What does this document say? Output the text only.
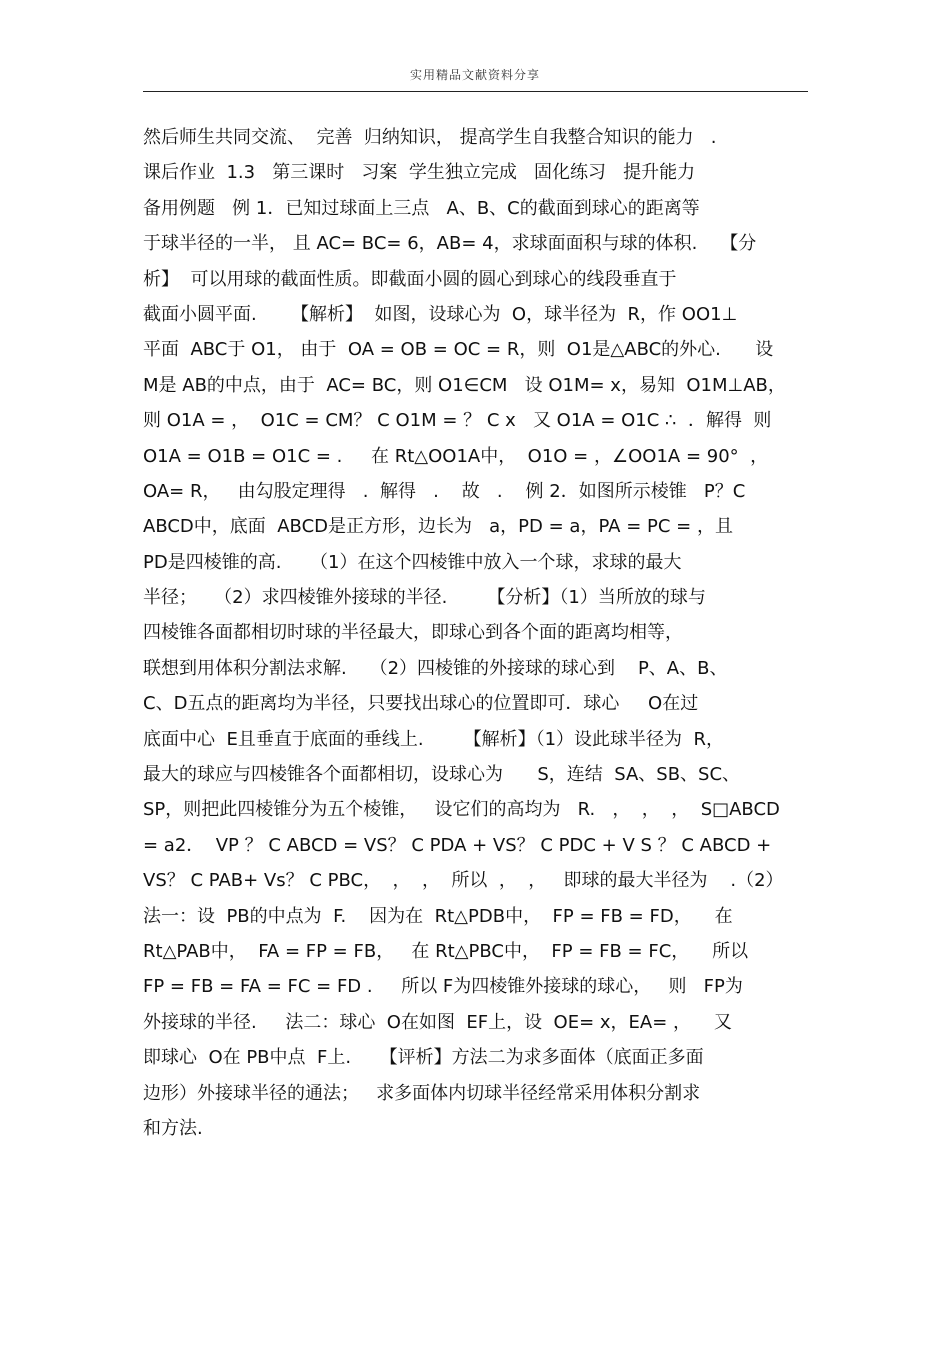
实用精品文献资料分享
然后师生共同交流、  完善  归纳知识， 提高学生自我整合知识的能力   .
课后作业  1.3   第三课时   习案  学生独立完成   固化练习   提升能力
备用例题   例 1．已知过球面上三点   A、B、C的截面到球心的距离等
于球半径的一半， 且 AC= BC= 6，AB= 4，求球面面积与球的体积.    【分
析】  可以用球的截面性质。即截面小圆的圆心到球心的线段垂直于
截面小圆平面.      【解析】  如图，设球心为  O，球半径为  R，作 OO1⊥
平面  ABC于 O1， 由于  OA = OB = OC = R，则  O1是△ABC的外心.      设
M是 AB的中点，由于  AC= BC，则 O1∈CM   设 O1M= x，易知  O1M⊥AB，
则 O1A = ，  O1C = CM？ C O1M = ？ C x   又 O1A = O1C ∴  ．解得  则
O1A = O1B = O1C = .     在 Rt△OO1A中，  O1O = ，∠OO1A = 90°  ，
OA= R，   由勾股定理得   .  解得   .    故   .    例 2．如图所示棱锥   P？C
ABCD中，底面  ABCD是正方形，边长为   a，PD = a，PA = PC = ，且
PD是四棱锥的高.     （1）在这个四棱锥中放入一个球，求球的最大
半径；   （2）求四棱锥外接球的半径.       【分析】（1）当所放的球与
四棱锥各面都相切时球的半径最大，即球心到各个面的距离均相等，
联想到用体积分割法求解.    （2）四棱锥的外接球的球心到    P、A、B、
C、D五点的距离均为半径，只要找出球心的位置即可．球心     O在过
底面中心  E且垂直于底面的垂线上.       【解析】（1）设此球半径为  R，
最大的球应与四棱锥各个面都相切，设球心为      S，连结  SA、SB、SC、
SP，则把此四棱锥分为五个棱锥，   设它们的高均为   R.   ，  ，  ，  S□ABCD
= a2．  VP ？ C ABCD = VS？ C PDA + VS？ C PDC + V S ？ C ABCD +
VS？ C PAB+ Vs？ C PBC，  ，  ，  所以  ，  ，   即球的最大半径为    .（2）
法一：设  PB的中点为  F.    因为在  Rt△PDB中，  FP = FB = FD，    在
Rt△PAB中，  FA = FP = FB，   在 Rt△PBC中，  FP = FB = FC，    所以
FP = FB = FA = FC = FD .     所以 F为四棱锥外接球的球心，   则   FP为
外接球的半径.     法二：球心  O在如图  EF上，设  OE= x，EA= ，    又
即球心  O在 PB中点  F上.     【评析】方法二为求多面体（底面正多面
边形）外接球半径的通法；   求多面体内切球半径经常采用体积分割求
和方法.
